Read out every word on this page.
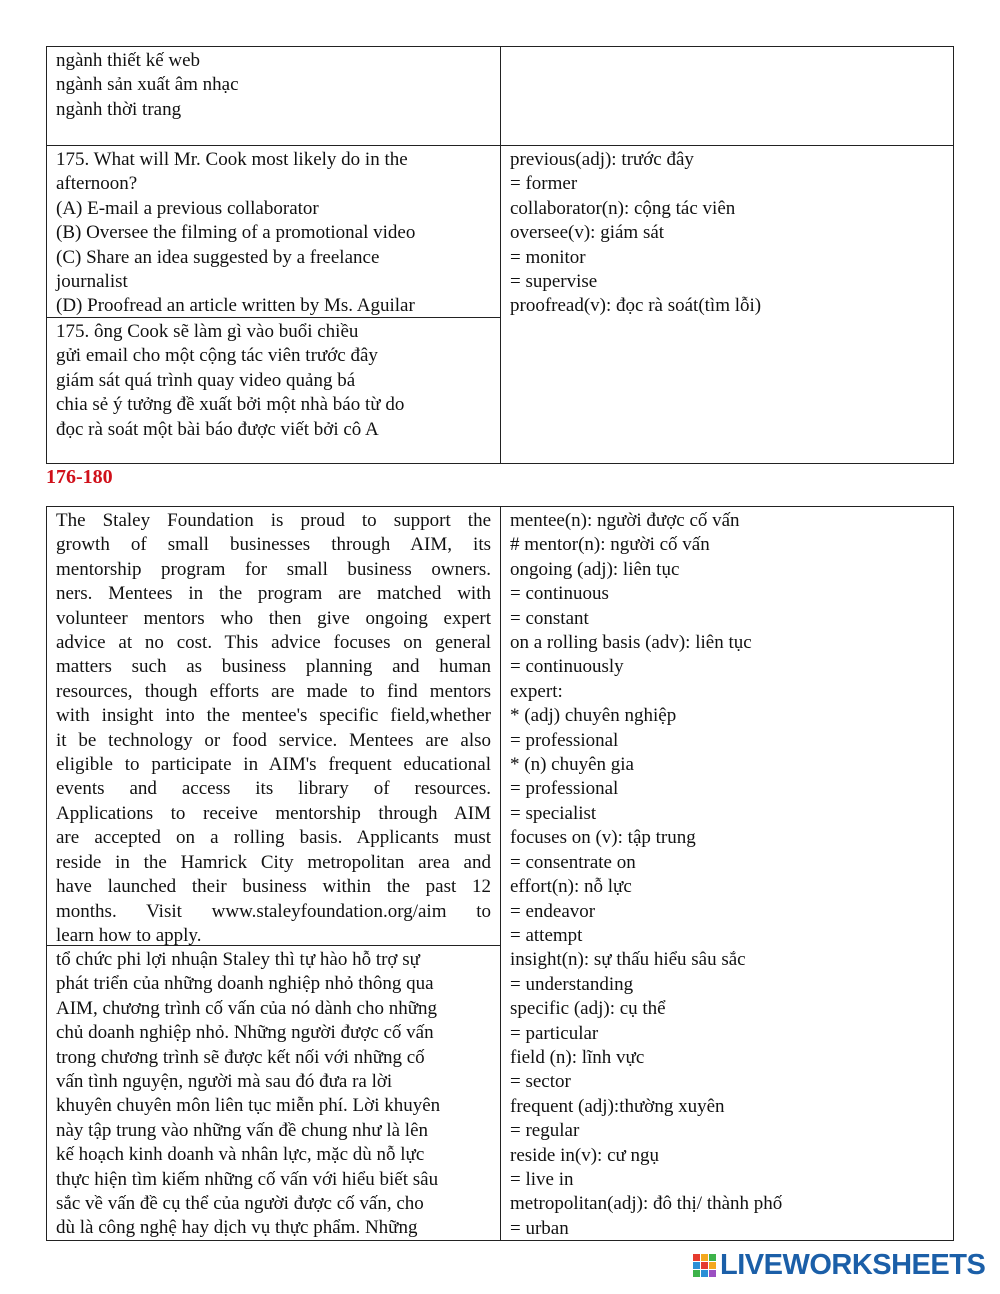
ngành thiết kế web
ngành sản xuất âm nhạc
ngành thời trang
175. What will Mr. Cook most likely do in the
afternoon?
(A) E-mail a previous collaborator
(B) Oversee the filming of a promotional video
(C) Share an idea suggested by a freelance
journalist
(D) Proofread an article written by Ms. Aguilar
175. ông Cook sẽ làm gì vào buổi chiều
gửi email cho một cộng tác viên trước đây
giám sát quá trình quay video quảng bá
chia sẻ ý tưởng đề xuất bởi một nhà báo từ do
đọc rà soát một bài báo được viết bởi cô A
previous(adj): trước đây
= former
collaborator(n): cộng tác viên
oversee(v): giám sát
= monitor
= supervise
proofread(v): đọc rà soát(tìm lỗi)
176-180
The Staley Foundation is proud to support the
growth of small businesses through AIM, its
mentorship program for small business owners.
ners. Mentees in the program are matched with
volunteer mentors who then give ongoing expert
advice at no cost. This advice focuses on general
matters such as business planning and human
resources, though efforts are made to find mentors
with insight into the mentee's specific field,whether
it be technology or food service. Mentees are also
eligible to participate in AIM's frequent educational
events and access its library of resources.
Applications to receive mentorship through AIM
are accepted on a rolling basis. Applicants must
reside in the Hamrick City metropolitan area and
have launched their business within the past 12
months. Visit www.staleyfoundation.org/aim to
learn how to apply.
tổ chức phi lợi nhuận Staley thì tự hào hỗ trợ sự
phát triển của những doanh nghiệp nhỏ thông qua
AIM, chương trình cố vấn của nó dành cho những
chủ doanh nghiệp nhỏ. Những người được cố vấn
trong chương trình sẽ được kết nối với những cố
vấn tình nguyện, người mà sau đó đưa ra lời
khuyên chuyên môn liên tục miễn phí. Lời khuyên
này tập trung vào những vấn đề chung như là lên
kế hoạch kinh doanh và nhân lực, mặc dù nỗ lực
thực hiện tìm kiếm những cố vấn với hiểu biết sâu
sắc về vấn đề cụ thể của người được cố vấn, cho
dù là công nghệ hay dịch vụ thực phẩm. Những
mentee(n): người được cố vấn
# mentor(n): người cố vấn
ongoing (adj): liên tục
= continuous
= constant
on a rolling basis (adv): liên tục
= continuously
expert:
* (adj) chuyên nghiệp
= professional
* (n) chuyên gia
= professional
= specialist
focuses on (v): tập trung
= consentrate on
effort(n): nỗ lực
= endeavor
= attempt
insight(n): sự thấu hiểu sâu sắc
= understanding
specific (adj): cụ thể
= particular
field (n): lĩnh vực
= sector
frequent (adj):thường xuyên
= regular
reside in(v): cư ngụ
= live in
metropolitan(adj): đô thị/ thành phố
= urban
LIVEWORKSHEETS
